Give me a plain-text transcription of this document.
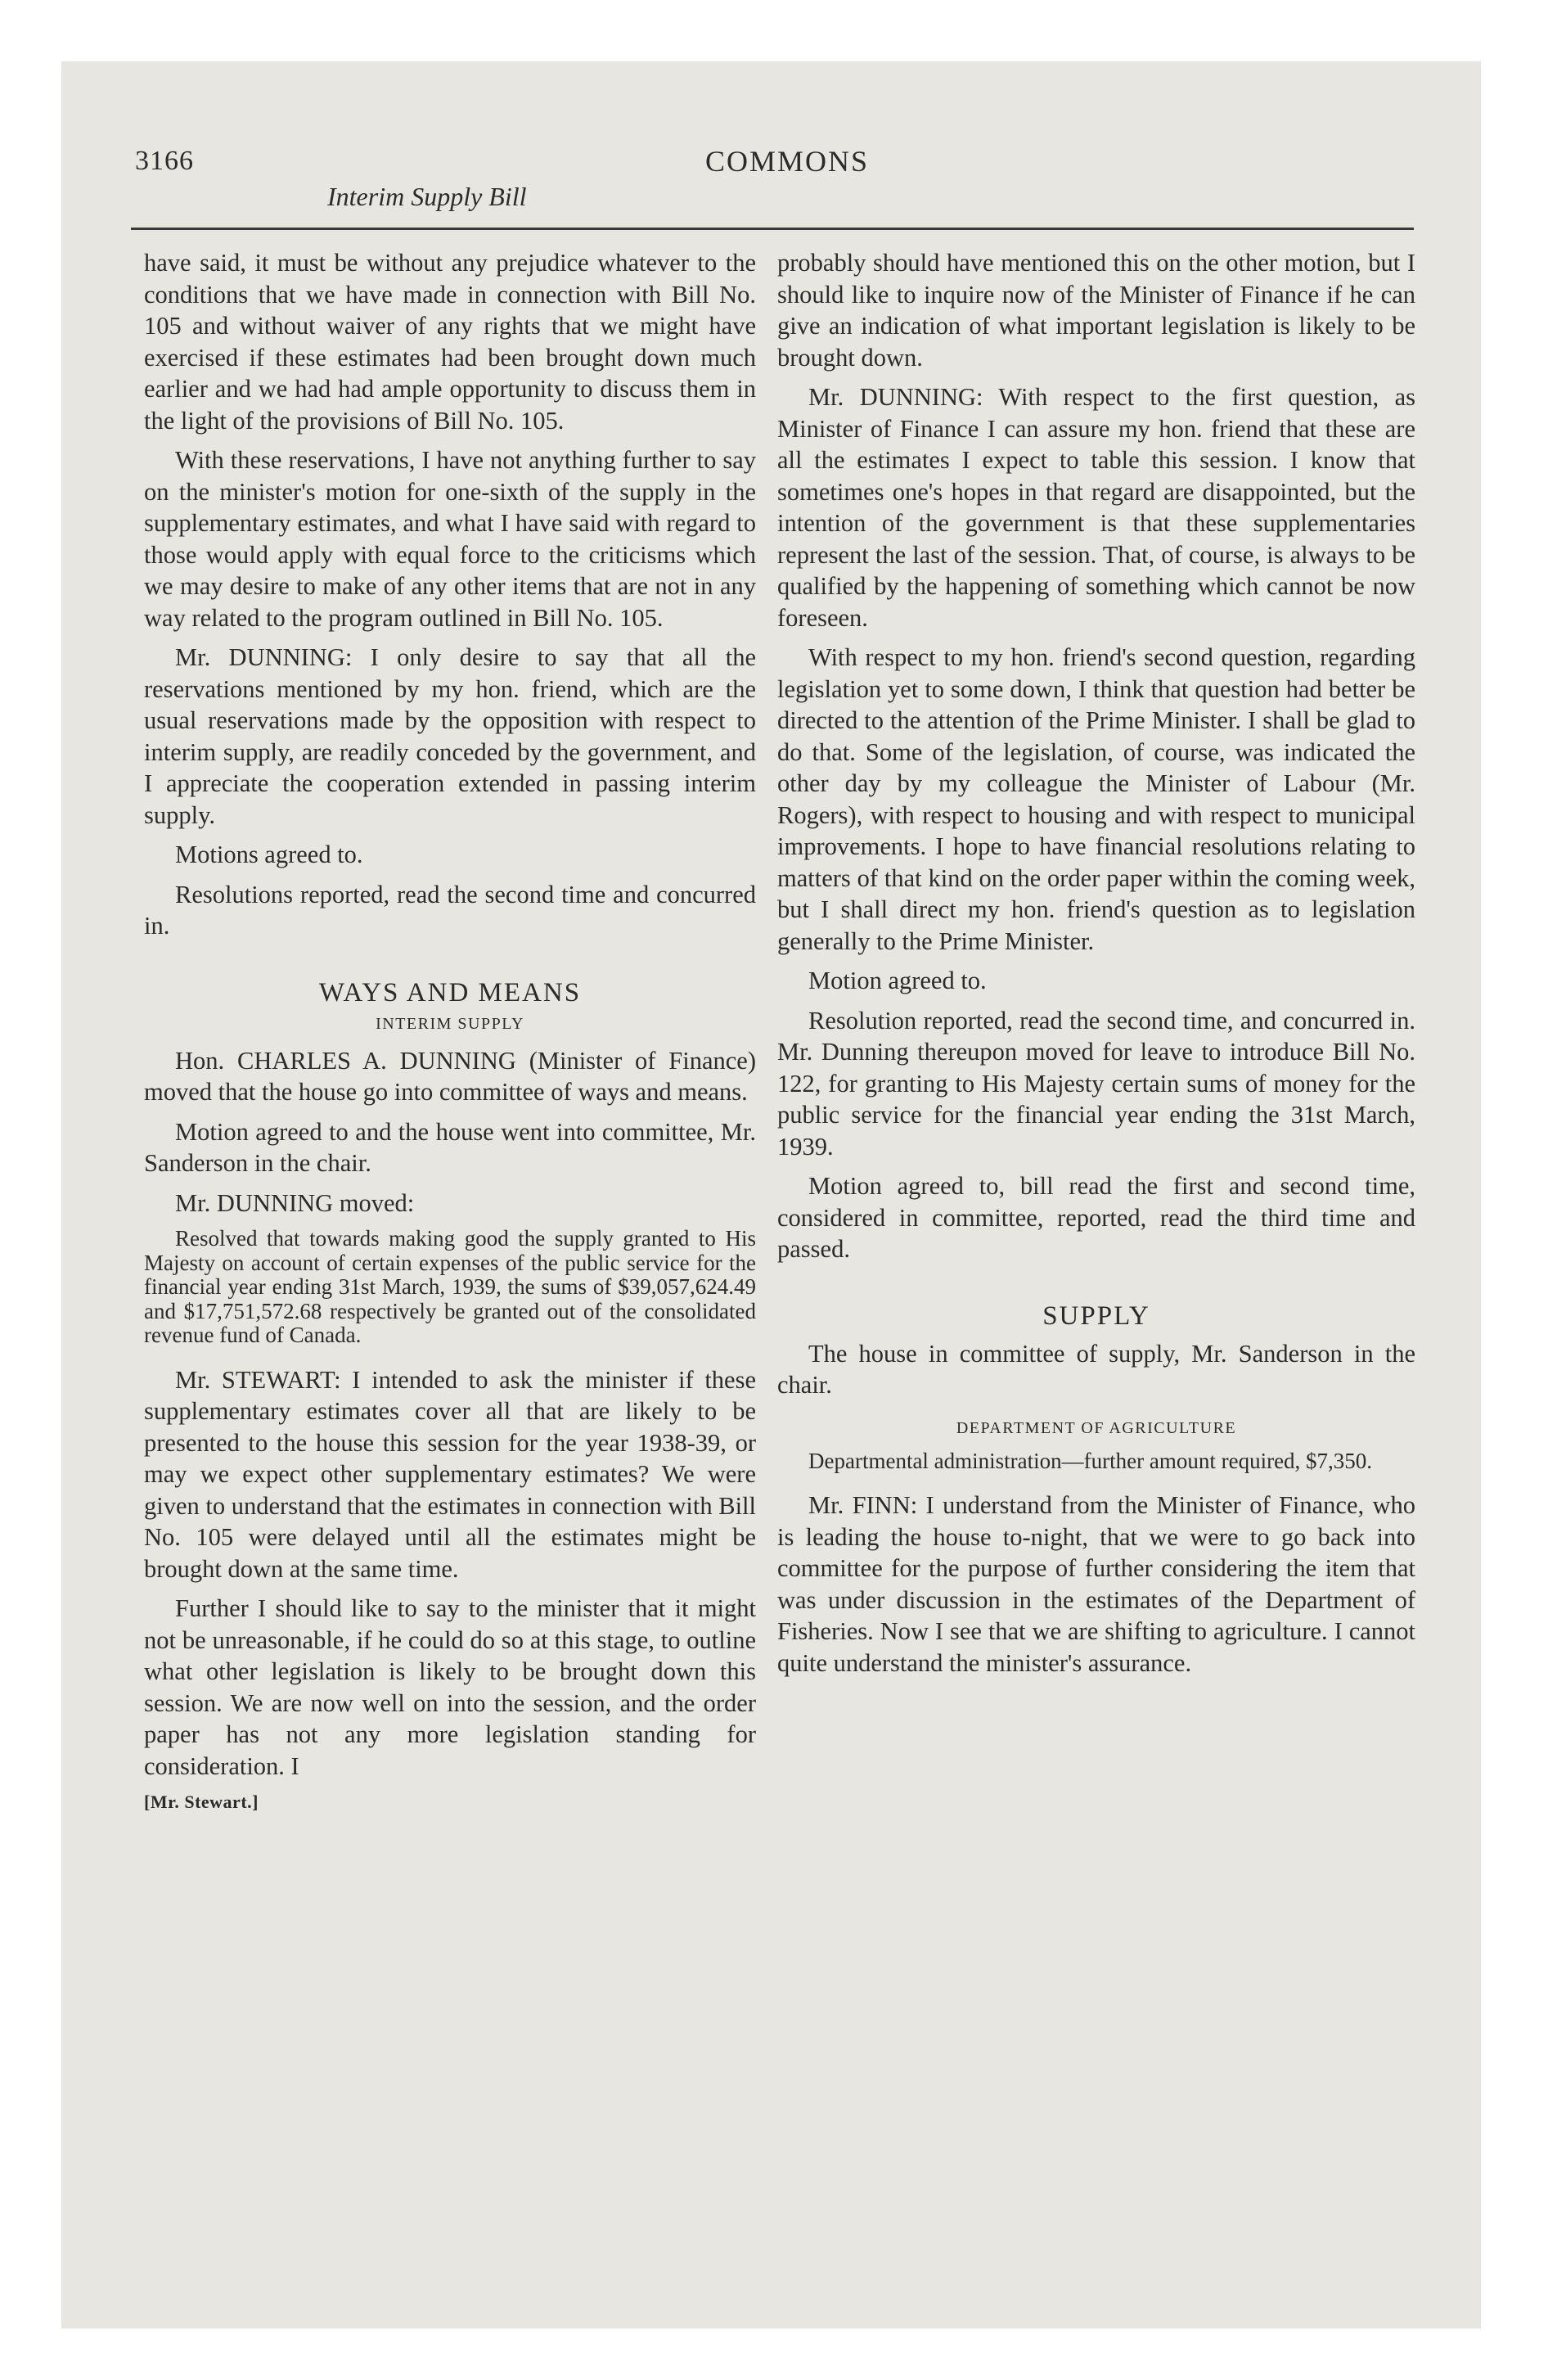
3166
Interim Supply Bill
COMMONS

have said, it must be without any prejudice whatever to the conditions that we have made in connection with Bill No. 105 and without waiver of any rights that we might have exercised if these estimates had been brought down much earlier and we had had ample opportunity to discuss them in the light of the provisions of Bill No. 105.

With these reservations, I have not anything further to say on the minister's motion for one-sixth of the supply in the supplementary estimates, and what I have said with regard to those would apply with equal force to the criticisms which we may desire to make of any other items that are not in any way related to the program outlined in Bill No. 105.

Mr. DUNNING: I only desire to say that all the reservations mentioned by my hon. friend, which are the usual reservations made by the opposition with respect to interim supply, are readily conceded by the government, and I appreciate the cooperation extended in passing interim supply.

Motions agreed to.

Resolutions reported, read the second time and concurred in.

WAYS AND MEANS
INTERIM SUPPLY

Hon. CHARLES A. DUNNING (Minister of Finance) moved that the house go into committee of ways and means.

Motion agreed to and the house went into committee, Mr. Sanderson in the chair.

Mr. DUNNING moved:

Resolved that towards making good the supply granted to His Majesty on account of certain expenses of the public service for the financial year ending 31st March, 1939, the sums of $39,057,624.49 and $17,751,572.68 respectively be granted out of the consolidated revenue fund of Canada.

Mr. STEWART: I intended to ask the minister if these supplementary estimates cover all that are likely to be presented to the house this session for the year 1938-39, or may we expect other supplementary estimates? We were given to understand that the estimates in connection with Bill No. 105 were delayed until all the estimates might be brought down at the same time.

Further I should like to say to the minister that it might not be unreasonable, if he could do so at this stage, to outline what other legislation is likely to be brought down this session. We are now well on into the session, and the order paper has not any more legislation standing for consideration. I

[Mr. Stewart.]

probably should have mentioned this on the other motion, but I should like to inquire now of the Minister of Finance if he can give an indication of what important legislation is likely to be brought down.

Mr. DUNNING: With respect to the first question, as Minister of Finance I can assure my hon. friend that these are all the estimates I expect to table this session. I know that sometimes one's hopes in that regard are disappointed, but the intention of the government is that these supplementaries represent the last of the session. That, of course, is always to be qualified by the happening of something which cannot be now foreseen.

With respect to my hon. friend's second question, regarding legislation yet to some down, I think that question had better be directed to the attention of the Prime Minister. I shall be glad to do that. Some of the legislation, of course, was indicated the other day by my colleague the Minister of Labour (Mr. Rogers), with respect to housing and with respect to municipal improvements. I hope to have financial resolutions relating to matters of that kind on the order paper within the coming week, but I shall direct my hon. friend's question as to legislation generally to the Prime Minister.

Motion agreed to.

Resolution reported, read the second time, and concurred in. Mr. Dunning thereupon moved for leave to introduce Bill No. 122, for granting to His Majesty certain sums of money for the public service for the financial year ending the 31st March, 1939.

Motion agreed to, bill read the first and second time, considered in committee, reported, read the third time and passed.

SUPPLY

The house in committee of supply, Mr. Sanderson in the chair.

DEPARTMENT OF AGRICULTURE

Departmental administration—further amount required, $7,350.

Mr. FINN: I understand from the Minister of Finance, who is leading the house to-night, that we were to go back into committee for the purpose of further considering the item that was under discussion in the estimates of the Department of Fisheries. Now I see that we are shifting to agriculture. I cannot quite understand the minister's assurance.
